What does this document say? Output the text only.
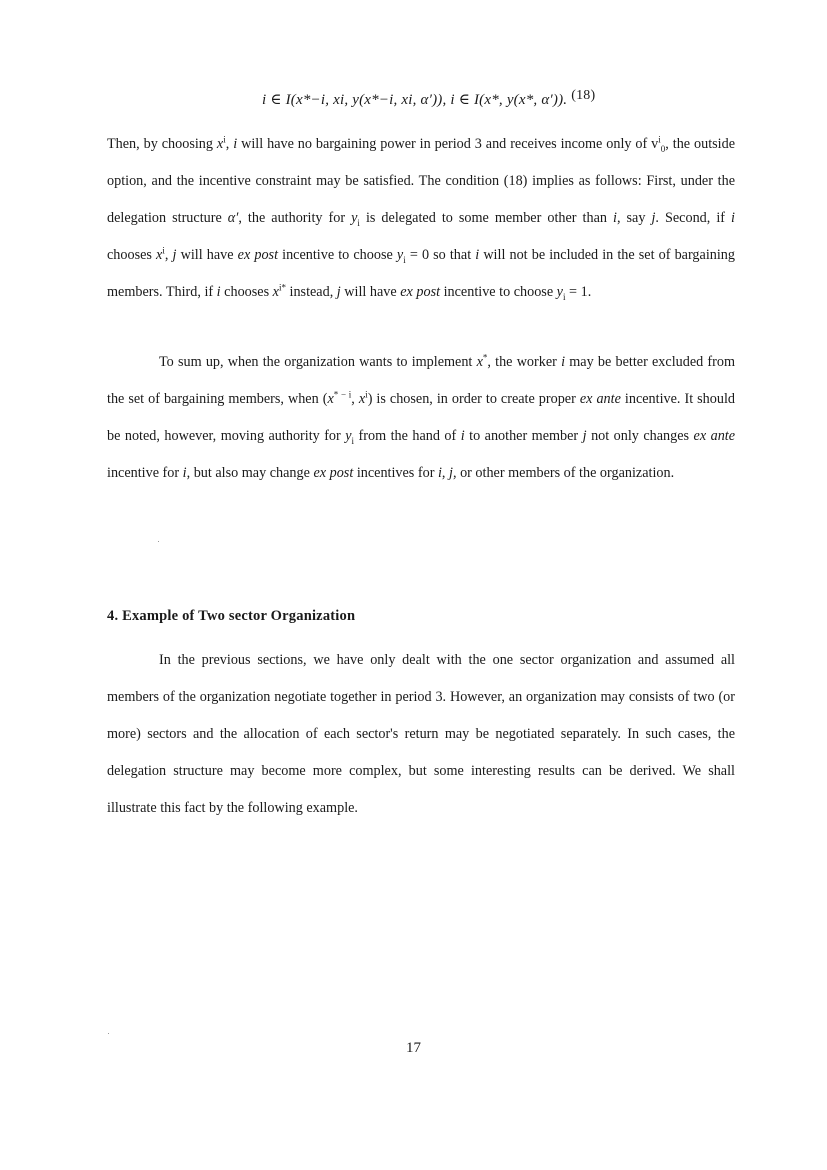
i ∈ I(x*−i, xi, y(x*−i, xi, α′)), i ∈ I(x*, y(x*, α′)). (18)
Then, by choosing $x^i$, i will have no bargaining power in period 3 and receives income only of $v^i_0$, the outside option, and the incentive constraint may be satisfied. The condition (18) implies as follows: First, under the delegation structure α′, the authority for $y_i$ is delegated to some member other than i, say j. Second, if i chooses $x^i$, j will have ex post incentive to choose $y_i = 0$ so that i will not be included in the set of bargaining members. Third, if i chooses $x^{i*}$ instead, j will have ex post incentive to choose $y_i = 1$.
To sum up, when the organization wants to implement x*, the worker i may be better excluded from the set of bargaining members, when ($x^{* - i}$, $x^i$) is chosen, in order to create proper ex ante incentive. It should be noted, however, moving authority for $y_i$ from the hand of i to another member j not only changes ex ante incentive for i, but also may change ex post incentives for i, j, or other members of the organization.
4. Example of Two sector Organization
In the previous sections, we have only dealt with the one sector organization and assumed all members of the organization negotiate together in period 3. However, an organization may consists of two (or more) sectors and the allocation of each sector's return may be negotiated separately. In such cases, the delegation structure may become more complex, but some interesting results can be derived. We shall illustrate this fact by the following example.
17
